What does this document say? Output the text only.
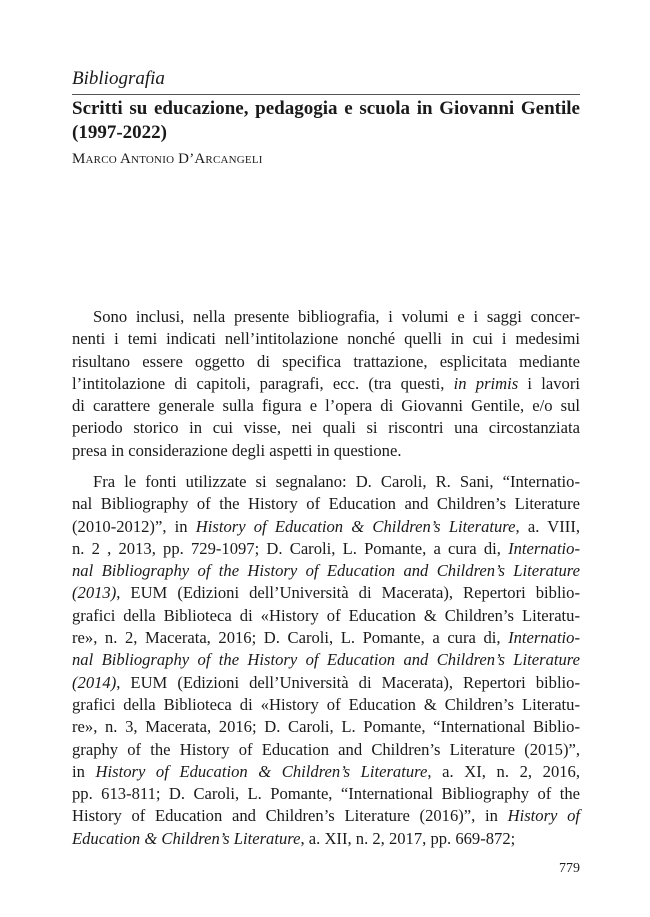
Bibliografia
Scritti su educazione, pedagogia e scuola in Giovanni Gentile (1997-2022)
Marco Antonio D’Arcangeli
Sono inclusi, nella presente bibliografia, i volumi e i saggi concer-
nenti i temi indicati nell’intitolazione nonché quelli in cui i medesimi
risultano essere oggetto di specifica trattazione, esplicitata mediante
l’intitolazione di capitoli, paragrafi, ecc. (tra questi, in primis i lavori
di carattere generale sulla figura e l’opera di Giovanni Gentile, e/o sul
periodo storico in cui visse, nei quali si riscontri una circostanziata
presa in considerazione degli aspetti in questione.
Fra le fonti utilizzate si segnalano: D. Caroli, R. Sani, “Internatio-
nal Bibliography of the History of Education and Children’s Literature
(2010-2012)”, in History of Education & Children’s Literature, a. VIII,
n. 2 , 2013, pp. 729-1097; D. Caroli, L. Pomante, a cura di, Internatio-
nal Bibliography of the History of Education and Children’s Literature
(2013), EUM (Edizioni dell’Università di Macerata), Repertori biblio-
grafici della Biblioteca di «History of Education & Children’s Literatu-
re», n. 2, Macerata, 2016; D. Caroli, L. Pomante, a cura di, Internatio-
nal Bibliography of the History of Education and Children’s Literature
(2014), EUM (Edizioni dell’Università di Macerata), Repertori biblio-
grafici della Biblioteca di «History of Education & Children’s Literatu-
re», n. 3, Macerata, 2016; D. Caroli, L. Pomante, “International Biblio-
graphy of the History of Education and Children’s Literature (2015)”,
in History of Education & Children’s Literature, a. XI, n. 2, 2016,
pp. 613-811; D. Caroli, L. Pomante, “International Bibliography of the
History of Education and Children’s Literature (2016)”, in History of
Education & Children’s Literature, a. XII, n. 2, 2017, pp. 669-872;
779
